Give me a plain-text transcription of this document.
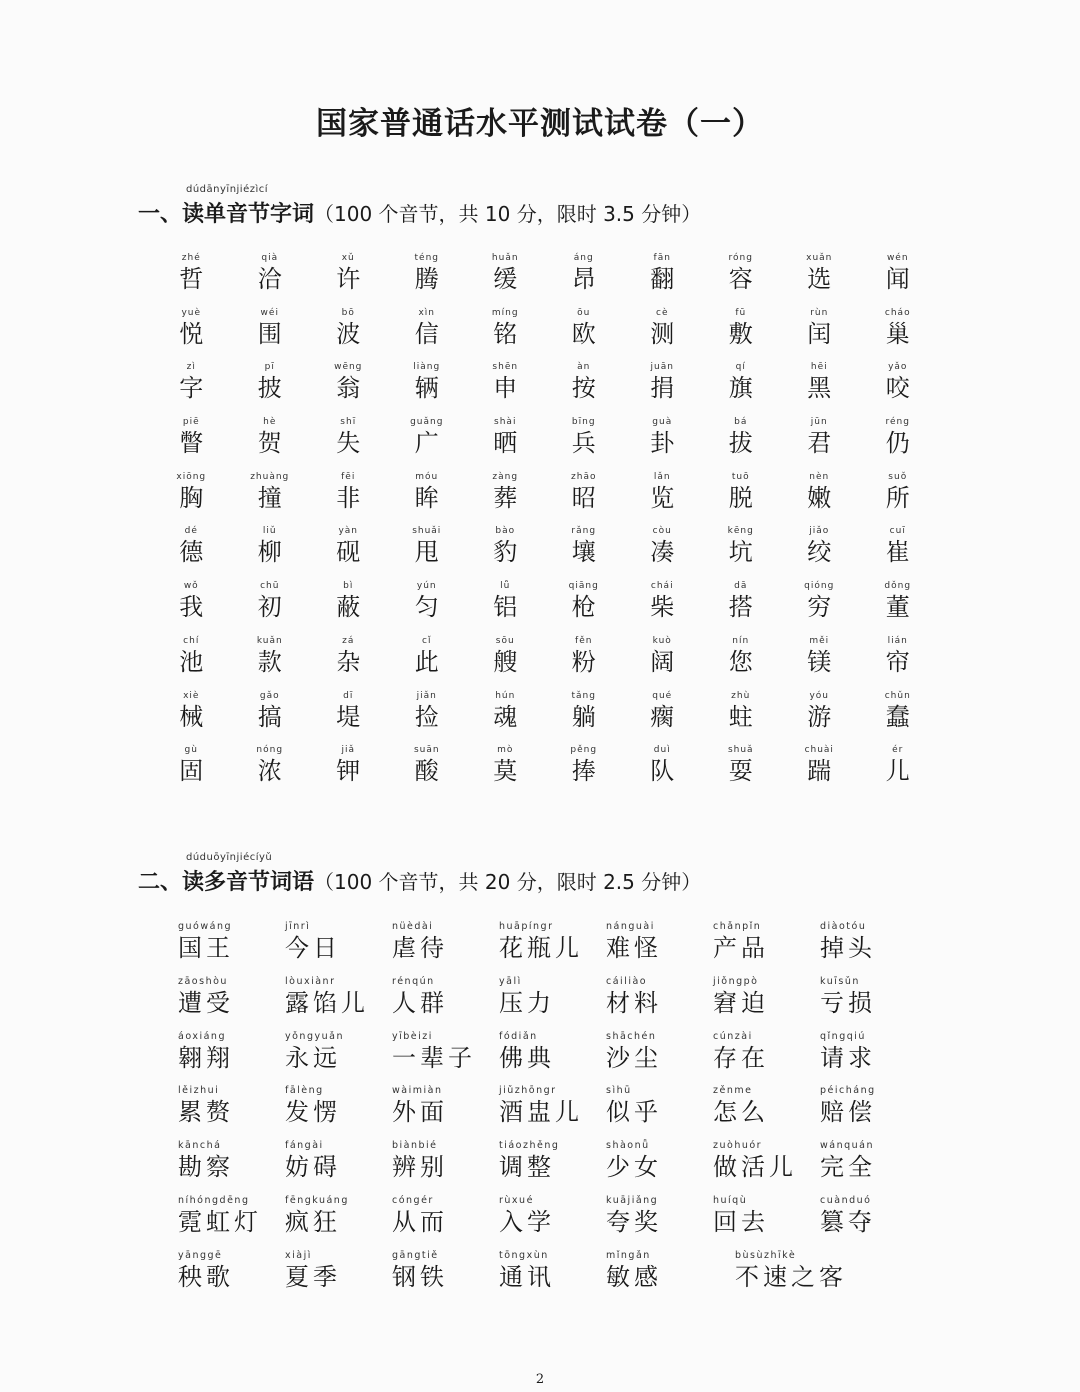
国家普通话水平测试试卷（一）
dúdānyīnjiézìcí
一、读单音节字词（100 个音节，共 10 分，限时 3.5 分钟）
zhé
哲
qià
洽
xǔ
许
téng
腾
huǎn
缓
áng
昂
fān
翻
róng
容
xuǎn
选
wén
闻
yuè
悦
wéi
围
bō
波
xìn
信
míng
铭
ōu
欧
cè
测
fū
敷
rùn
闰
cháo
巢
zì
字
pī
披
wēng
翁
liàng
辆
shēn
申
àn
按
juān
捐
qí
旗
hēi
黑
yǎo
咬
piē
瞥
hè
贺
shī
失
guǎng
广
shài
晒
bīng
兵
guà
卦
bá
拔
jūn
君
réng
仍
xiōng
胸
zhuàng
撞
fēi
非
móu
眸
zàng
葬
zhāo
昭
lǎn
览
tuō
脱
nèn
嫩
suǒ
所
dé
德
liǔ
柳
yàn
砚
shuǎi
甩
bào
豹
rǎng
壤
còu
凑
kēng
坑
jiǎo
绞
cuī
崔
wǒ
我
chū
初
bì
蔽
yún
匀
lǚ
铝
qiāng
枪
chái
柴
dā
搭
qióng
穷
dǒng
董
chí
池
kuǎn
款
zá
杂
cǐ
此
sōu
艘
fěn
粉
kuò
阔
nín
您
měi
镁
lián
帘
xiè
械
gǎo
搞
dī
堤
jiǎn
捡
hún
魂
tǎng
躺
qué
瘸
zhù
蛀
yóu
游
chǔn
蠢
gù
固
nóng
浓
jiǎ
钾
suān
酸
mò
莫
pěng
捧
duì
队
shuǎ
耍
chuài
踹
ér
儿
dúduōyīnjiécíyǔ
二、读多音节词语（100 个音节，共 20 分，限时 2.5 分钟）
guówáng
国王
jīnrì
今日
nüèdài
虐待
huāpíngr
花瓶儿
nánguài
难怪
chǎnpǐn
产品
diàotóu
掉头
zāoshòu
遭受
lòuxiànr
露馅儿
rénqún
人群
yālì
压力
cáiliào
材料
jiǒngpò
窘迫
kuīsǔn
亏损
áoxiáng
翱翔
yǒngyuǎn
永远
yībèizi
一辈子
fódiǎn
佛典
shāchén
沙尘
cúnzài
存在
qǐngqiú
请求
lěizhui
累赘
fālèng
发愣
wàimiàn
外面
jiǔzhōngr
酒盅儿
sìhū
似乎
zěnme
怎么
péicháng
赔偿
kānchá
勘察
fángài
妨碍
biànbié
辨别
tiáozhěng
调整
shàonǚ
少女
zuòhuór
做活儿
wánquán
完全
níhóngdēng
霓虹灯
fēngkuáng
疯狂
cóngér
从而
rùxué
入学
kuājiǎng
夸奖
huíqù
回去
cuànduó
篡夺
yānggē
秧歌
xiàjì
夏季
gāngtiě
钢铁
tōngxùn
通讯
mǐngǎn
敏感
bùsùzhīkè
不速之客
2
